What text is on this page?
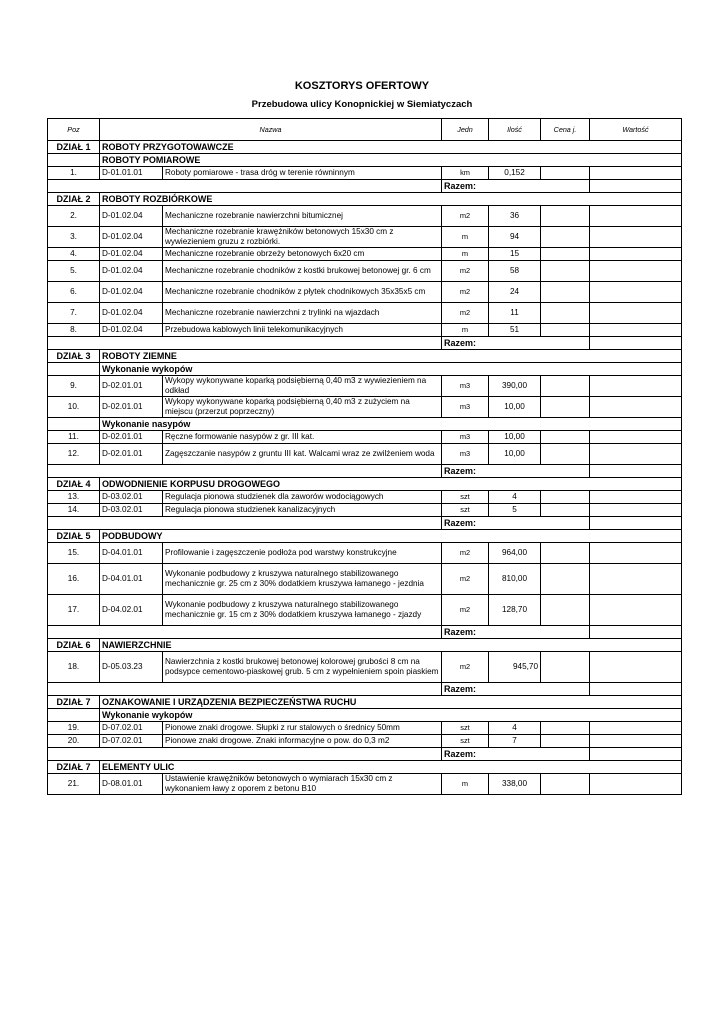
KOSZTORYS OFERTOWY
Przebudowa ulicy Konopnickiej w Siemiatyczach
Poz	Nazwa		Jedn	Ilość	Cena j.	Wartość
DZIAŁ 1	ROBOTY PRZYGOTOWAWCZE					
	ROBOTY POMIAROWE					
1.	D-01.01.01	Roboty pomiarowe - trasa dróg w terenie równinnym	km	0,152		
			Razem:			
DZIAŁ 2	ROBOTY ROZBIÓRKOWE					
2.	D-01.02.04	Mechaniczne rozebranie nawierzchni bitumicznej	m2	36		
3.	D-01.02.04	Mechaniczne rozebranie krawężników betonowych 15x30 cm z wywiezieniem gruzu z rozbiórki.	m	94		
4.	D-01.02.04	Mechaniczne rozebranie obrzeży betonowych 6x20 cm	m	15		
5.	D-01.02.04	Mechaniczne rozebranie chodników z kostki brukowej betonowej gr. 6 cm	m2	58		
6.	D-01.02.04	Mechaniczne rozebranie chodników z płytek chodnikowych 35x35x5 cm	m2	24		
7.	D-01.02.04	Mechaniczne rozebranie nawierzchni z trylinki na wjazdach	m2	11		
8.	D-01.02.04	Przebudowa kablowych linii telekomunikacyjnych	m	51		
			Razem:			
DZIAŁ 3	ROBOTY ZIEMNE					
	Wykonanie wykopów					
9.	D-02.01.01	Wykopy wykonywane koparką podsiębierną 0,40 m3 z wywiezieniem na odkład	m3	390,00		
10.	D-02.01.01	Wykopy wykonywane koparką podsiębierną 0,40 m3 z zużyciem na miejscu (przerzut poprzeczny)	m3	10,00		
	Wykonanie nasypów					
11.	D-02.01.01	Ręczne formowanie nasypów z gr. III kat.	m3	10,00		
12.	D-02.01.01	Zagęszczanie nasypów z gruntu III kat. Walcami wraz ze zwilżeniem woda	m3	10,00		
			Razem:			
DZIAŁ 4	ODWODNIENIE KORPUSU DROGOWEGO					
13.	D-03.02.01	Regulacja pionowa studzienek dla zaworów wodociągowych	szt	4		
14.	D-03.02.01	Regulacja pionowa studzienek kanalizacyjnych	szt	5		
			Razem:			
DZIAŁ 5	PODBUDOWY					
15.	D-04.01.01	Profilowanie i zagęszczenie podłoża pod warstwy konstrukcyjne	m2	964,00		
16.	D-04.01.01	Wykonanie podbudowy z kruszywa naturalnego stabilizowanego mechanicznie gr. 25 cm z 30% dodatkiem kruszywa łamanego - jezdnia	m2	810,00		
17.	D-04.02.01	Wykonanie podbudowy z kruszywa naturalnego stabilizowanego mechanicznie gr. 15 cm z 30% dodatkiem kruszywa łamanego - zjazdy	m2	128,70		
			Razem:			
DZIAŁ 6	NAWIERZCHNIE					
18.	D-05.03.23	Nawierzchnia z kostki brukowej betonowej kolorowej grubości 8 cm na podsypce cementowo-piaskowej grub. 5 cm z wypełnieniem spoin piaskiem	m2	945,70		
			Razem:			
DZIAŁ 7	OZNAKOWANIE I URZĄDZENIA BEZPIECZEŃSTWA RUCHU					
	Wykonanie wykopów					
19.	D-07.02.01	Pionowe znaki drogowe. Słupki z rur stalowych o średnicy 50mm	szt	4		
20.	D-07.02.01	Pionowe znaki drogowe. Znaki informacyjne o pow. do 0,3 m2	szt	7		
			Razem:			
DZIAŁ 7	ELEMENTY ULIC					
21.	D-08.01.01	Ustawienie krawężników betonowych o wymiarach 15x30 cm z wykonaniem ławy z oporem z betonu B10	m	338,00		
